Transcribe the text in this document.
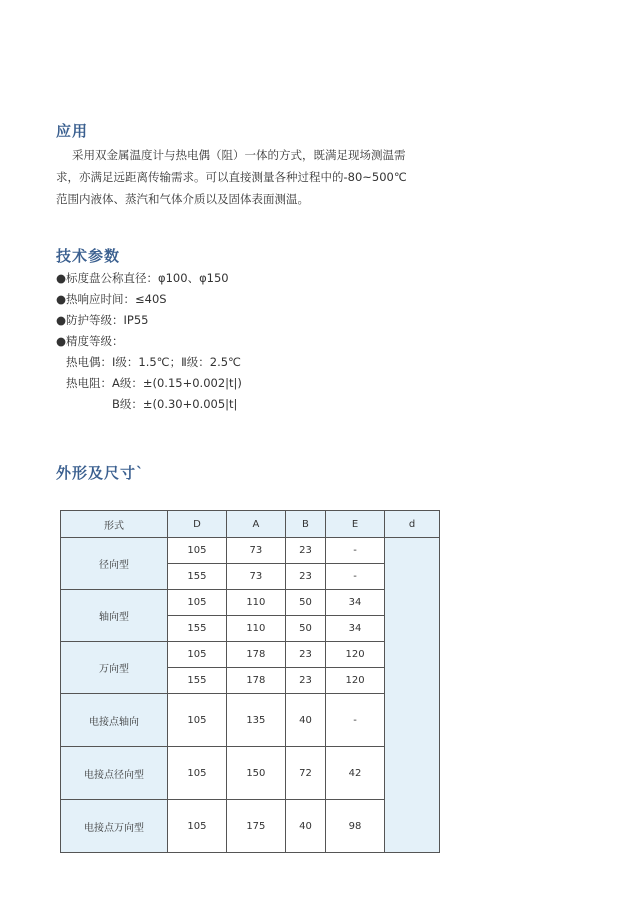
应用

采用双金属温度计与热电偶（阻）一体的方式，既满足现场测温需
求，亦满足远距离传输需求。可以直接测量各种过程中的-80~500℃
范围内液体、蒸汽和气体介质以及固体表面测温。

技术参数
●标度盘公称直径：φ100、φ150
●热响应时间：≤40S
●防护等级：IP55
●精度等级：
热电偶：Ⅰ级：1.5℃；Ⅱ级：2.5℃
热电阻：A级：±(0.15+0.002|t|)
B级：±(0.30+0.005|t|
外形及尺寸`
形式	D	A	B	E	d
径向型	105	73	23	-	
	155	73	23	-	
轴向型	105	110	50	34	
	155	110	50	34	
万向型	105	178	23	120	
	155	178	23	120	
电接点轴向	105	135	40	-	
电接点径向型	105	150	72	42	
电接点万向型	105	175	40	98	
